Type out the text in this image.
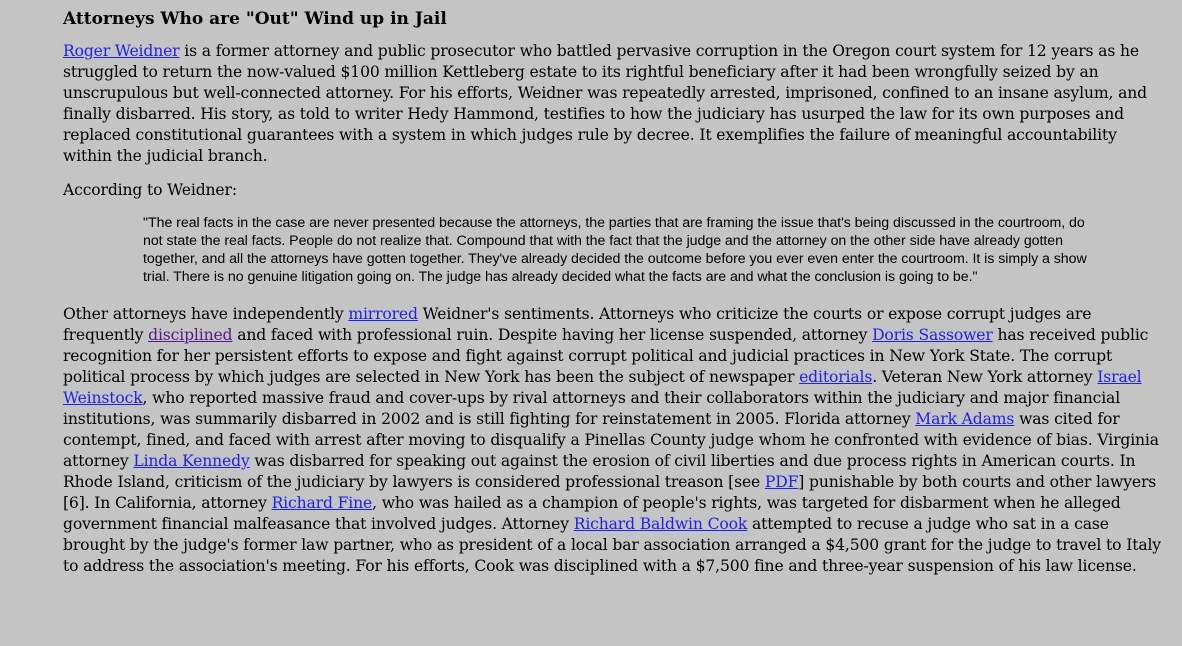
Attorneys Who are "Out" Wind up in Jail

Roger Weidner is a former attorney and public prosecutor who battled pervasive corruption in the Oregon court system for 12 years as he struggled to return the now-valued $100 million Kettleberg estate to its rightful beneficiary after it had been wrongfully seized by an unscrupulous but well-connected attorney. For his efforts, Weidner was repeatedly arrested, imprisoned, confined to an insane asylum, and finally disbarred. His story, as told to writer Hedy Hammond, testifies to how the judiciary has usurped the law for its own purposes and replaced constitutional guarantees with a system in which judges rule by decree. It exemplifies the failure of meaningful accountability within the judicial branch.

According to Weidner:

"The real facts in the case are never presented because the attorneys, the parties that are framing the issue that's being discussed in the courtroom, do not state the real facts. People do not realize that. Compound that with the fact that the judge and the attorney on the other side have already gotten together, and all the attorneys have gotten together. They've already decided the outcome before you ever even enter the courtroom. It is simply a show trial. There is no genuine litigation going on. The judge has already decided what the facts are and what the conclusion is going to be."

Other attorneys have independently mirrored Weidner's sentiments. Attorneys who criticize the courts or expose corrupt judges are frequently disciplined and faced with professional ruin. Despite having her license suspended, attorney Doris Sassower has received public recognition for her persistent efforts to expose and fight against corrupt political and judicial practices in New York State. The corrupt political process by which judges are selected in New York has been the subject of newspaper editorials. Veteran New York attorney Israel Weinstock, who reported massive fraud and cover-ups by rival attorneys and their collaborators within the judiciary and major financial institutions, was summarily disbarred in 2002 and is still fighting for reinstatement in 2005. Florida attorney Mark Adams was cited for contempt, fined, and faced with arrest after moving to disqualify a Pinellas County judge whom he confronted with evidence of bias. Virginia attorney Linda Kennedy was disbarred for speaking out against the erosion of civil liberties and due process rights in American courts. In Rhode Island, criticism of the judiciary by lawyers is considered professional treason [see PDF] punishable by both courts and other lawyers [6]. In California, attorney Richard Fine, who was hailed as a champion of people's rights, was targeted for disbarment when he alleged government financial malfeasance that involved judges. Attorney Richard Baldwin Cook attempted to recuse a judge who sat in a case brought by the judge's former law partner, who as president of a local bar association arranged a $4,500 grant for the judge to travel to Italy to address the association's meeting. For his efforts, Cook was disciplined with a $7,500 fine and three-year suspension of his law license.
